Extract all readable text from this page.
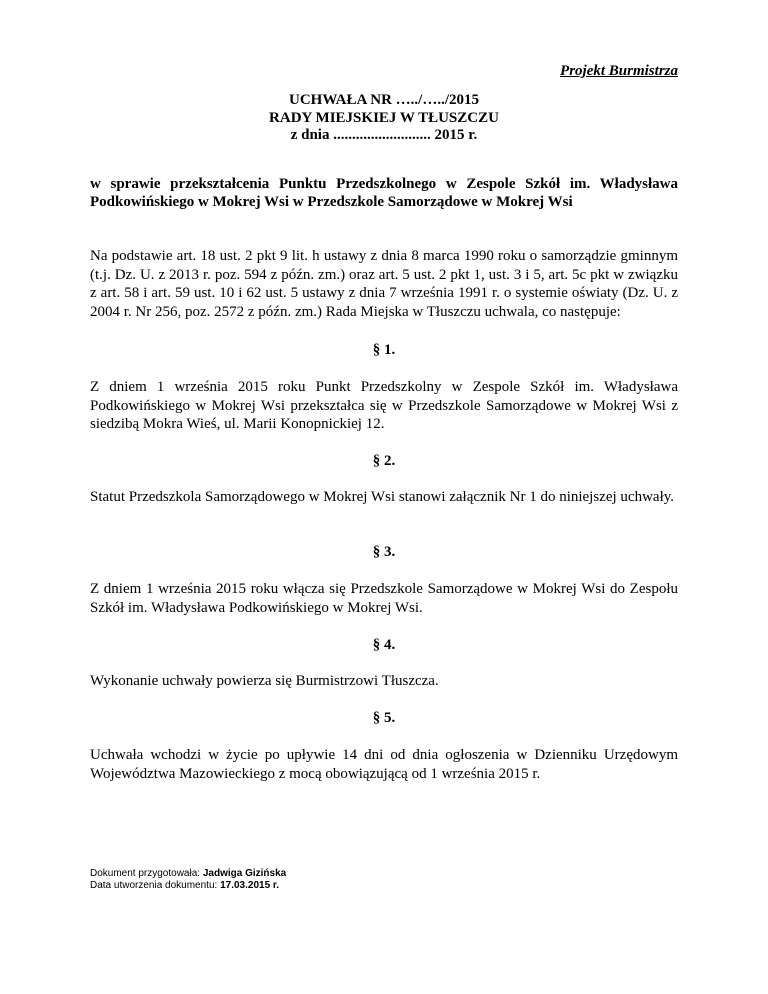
Projekt Burmistrza
UCHWAŁA NR …../…../2015
RADY MIEJSKIEJ W TŁUSZCZU
z dnia .......................... 2015 r.
w sprawie przekształcenia Punktu Przedszkolnego w Zespole Szkół im. Władysława Podkowińskiego w Mokrej Wsi w Przedszkole Samorządowe w Mokrej Wsi
Na podstawie art. 18 ust. 2 pkt 9 lit. h ustawy z dnia 8 marca 1990 roku o samorządzie gminnym (t.j. Dz. U. z 2013 r. poz. 594 z późn. zm.) oraz art. 5 ust. 2 pkt 1, ust. 3 i 5, art. 5c pkt w związku z art. 58 i art. 59 ust. 10 i 62 ust. 5 ustawy z dnia 7 września 1991 r. o systemie oświaty (Dz. U. z 2004 r. Nr 256, poz. 2572 z późn. zm.) Rada Miejska w Tłuszczu uchwala, co następuje:
§ 1.
Z dniem 1 września 2015 roku Punkt Przedszkolny w Zespole Szkół im. Władysława Podkowińskiego w Mokrej Wsi przekształca się w Przedszkole Samorządowe w Mokrej Wsi z siedzibą Mokra Wieś, ul. Marii Konopnickiej 12.
§ 2.
Statut Przedszkola Samorządowego w Mokrej Wsi stanowi załącznik Nr 1 do niniejszej uchwały.
§ 3.
Z dniem 1 września 2015 roku włącza się Przedszkole Samorządowe w Mokrej Wsi do Zespołu Szkół im. Władysława Podkowińskiego w Mokrej Wsi.
§ 4.
Wykonanie uchwały powierza się Burmistrzowi Tłuszcza.
§ 5.
Uchwała wchodzi w życie po upływie 14 dni od dnia ogłoszenia w Dzienniku Urzędowym Województwa Mazowieckiego z mocą obowiązującą od 1 września 2015 r.
Dokument przygotowała: Jadwiga Gizińska
Data utworzenia dokumentu: 17.03.2015 r.
